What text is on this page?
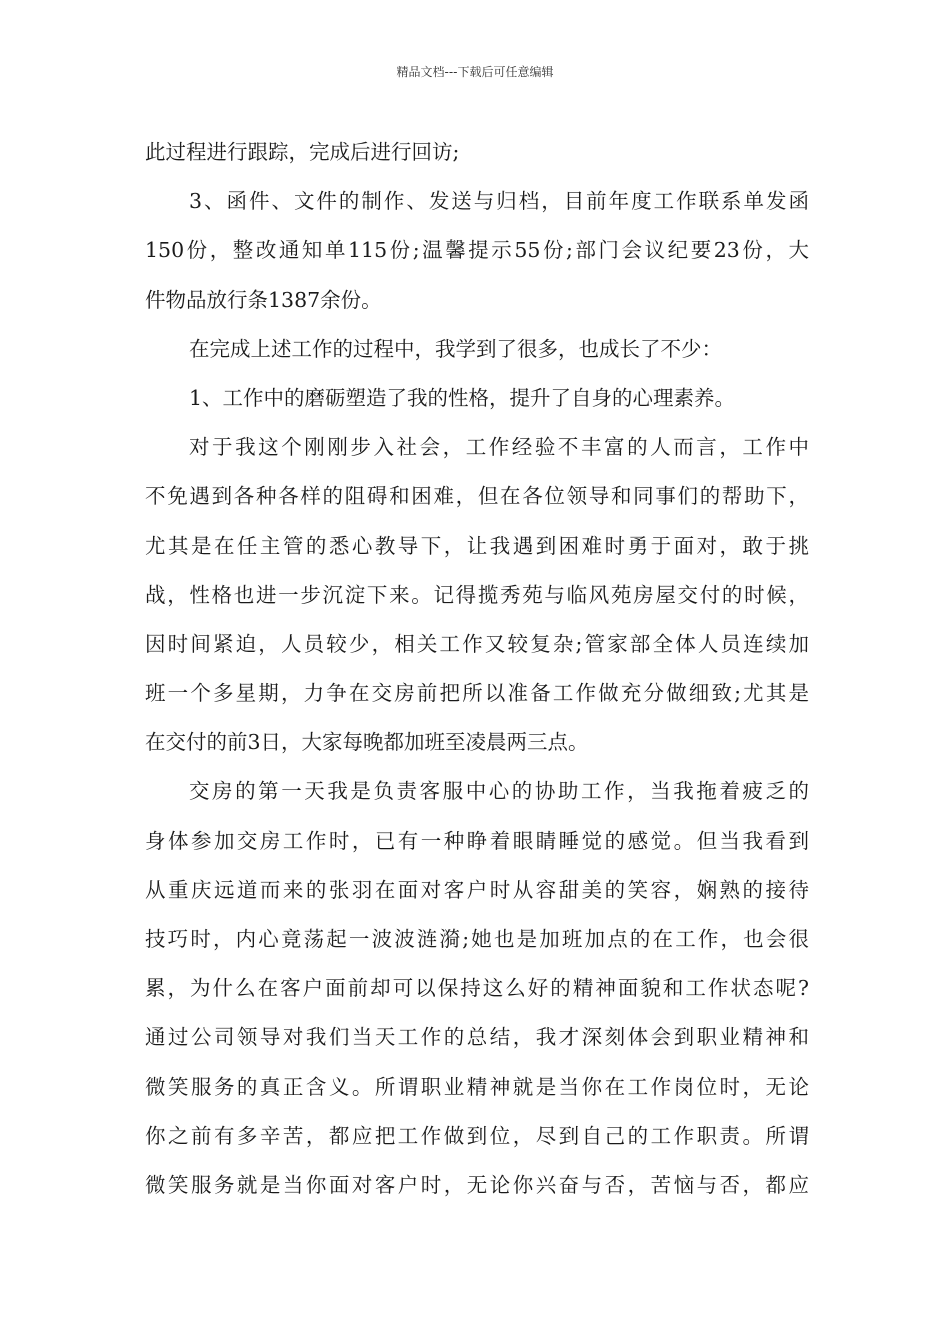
精品文档---下载后可任意编辑
此过程进行跟踪，完成后进行回访;
3、函件、文件的制作、发送与归档，目前年度工作联系单发函
150份，整改通知单115份;温馨提示55份;部门会议纪要23份，大
件物品放行条1387余份。
在完成上述工作的过程中，我学到了很多，也成长了不少：
1、工作中的磨砺塑造了我的性格，提升了自身的心理素养。
对于我这个刚刚步入社会，工作经验不丰富的人而言，工作中
不免遇到各种各样的阻碍和困难，但在各位领导和同事们的帮助下，
尤其是在任主管的悉心教导下，让我遇到困难时勇于面对，敢于挑
战，性格也进一步沉淀下来。记得揽秀苑与临风苑房屋交付的时候，
因时间紧迫，人员较少，相关工作又较复杂;管家部全体人员连续加
班一个多星期，力争在交房前把所以准备工作做充分做细致;尤其是
在交付的前3日，大家每晚都加班至凌晨两三点。
交房的第一天我是负责客服中心的协助工作，当我拖着疲乏的
身体参加交房工作时，已有一种睁着眼睛睡觉的感觉。但当我看到
从重庆远道而来的张羽在面对客户时从容甜美的笑容，娴熟的接待
技巧时，内心竟荡起一波波涟漪;她也是加班加点的在工作，也会很
累，为什么在客户面前却可以保持这么好的精神面貌和工作状态呢?
通过公司领导对我们当天工作的总结，我才深刻体会到职业精神和
微笑服务的真正含义。所谓职业精神就是当你在工作岗位时，无论
你之前有多辛苦，都应把工作做到位，尽到自己的工作职责。所谓
微笑服务就是当你面对客户时，无论你兴奋与否，苦恼与否，都应
